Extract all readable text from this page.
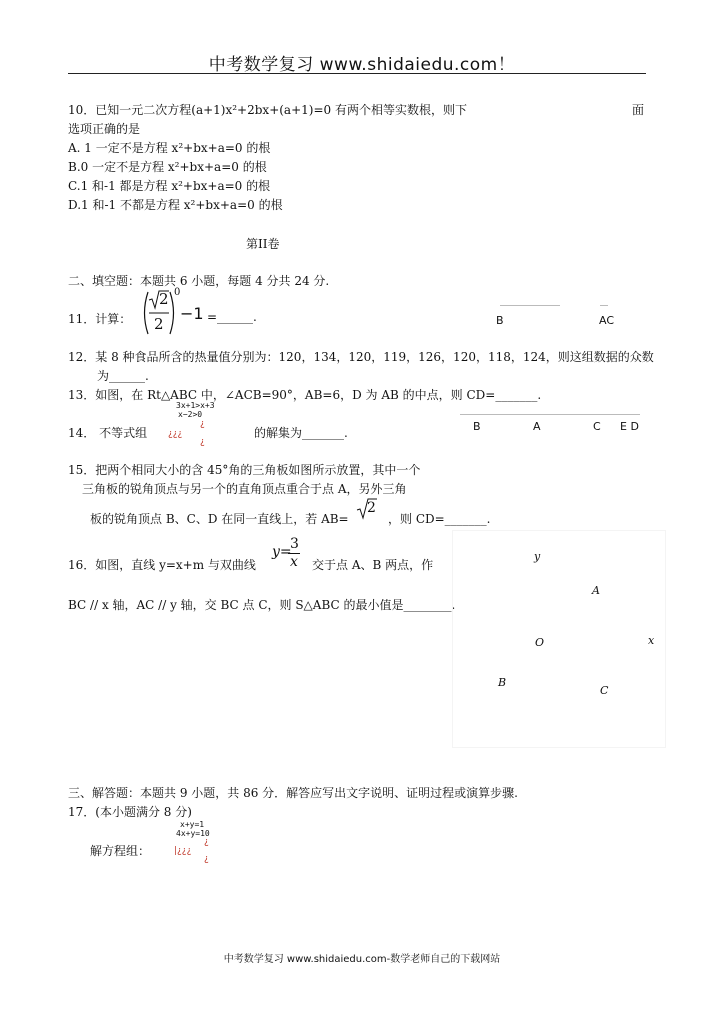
中考数学复习 www.shidaiedu.com！
10．已知一元二次方程(a+1)x²+2bx+(a+1)=0 有两个相等实数根，则下	面
选项正确的是
A. 1 一定不是方程 x²+bx+a=0 的根
B.0 一定不是方程 x²+bx+a=0 的根
C.1 和-1 都是方程 x²+bx+a=0 的根
D.1 和-1 不都是方程 x²+bx+a=0 的根
第II卷
二、填空题：本题共 6 小题，每题 4 分共 24 分.
11．计算：
2
2
0
−1 =______.	B	AC
12．某 8 种食品所含的热量值分别为：120，134，120，119，126，120，118，124，则这组数据的众数
为______.
13．如图，在 Rt△ABC 中，∠ACB=90°，AB=6，D 为 AB 的中点，则 CD=_______.
14． 不等式组
3x+1>x+3
x−2>0
¿
¿¿¿
¿
的解集为_______.	B	A	C E D
15．把两个相同大小的含 45°角的三角板如图所示放置，其中一个
三角板的锐角顶点与另一个的直角顶点重合于点 A，另外三角
板的锐角顶点 B、C、D 在同一直线上，若 AB=
2
，则 CD=_______.
16．如图，直线 y=x+m 与双曲线
y=
3
x 交于点 A、B 两点，作
BC // x 轴，AC // y 轴，交 BC 点 C，则 S△ABC 的最小值是________.
y
A
O	x
B
C
三、解答题：本题共 9 小题，共 86 分．解答应写出文字说明、证明过程或演算步骤.
17．(本小题满分 8 分)
x+y=1
4x+y=10
¿
解方程组：	|¿¿¿
¿
中考数学复习 www.shidaiedu.com-数学老师自己的下载网站
